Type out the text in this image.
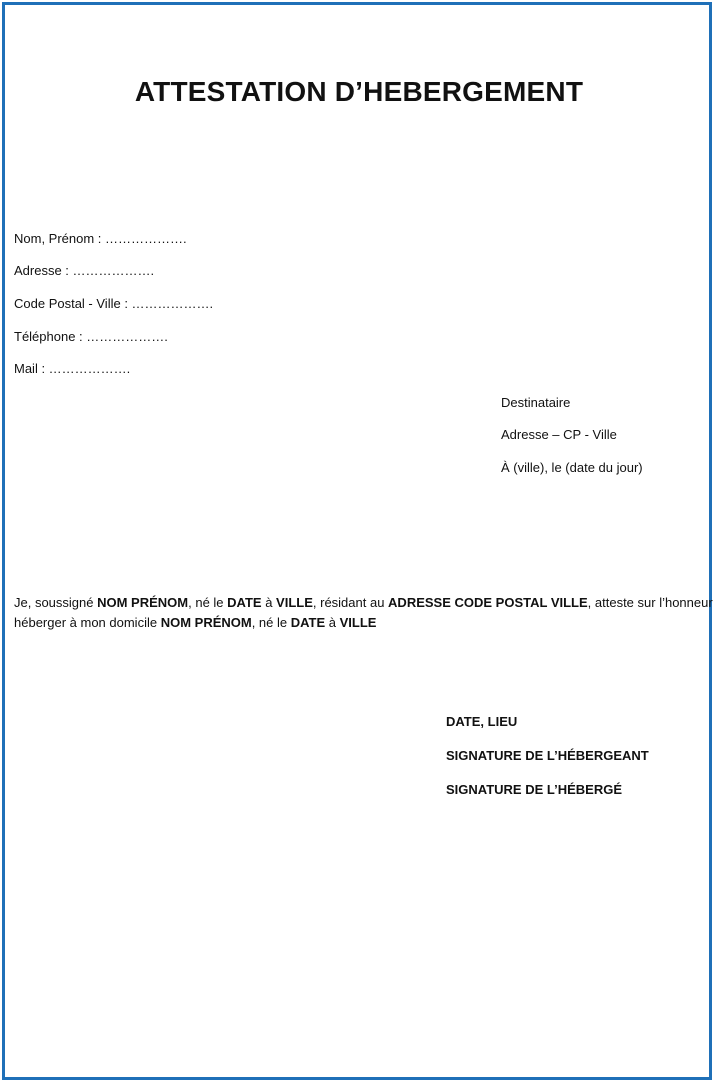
ATTESTATION D’HEBERGEMENT
Nom, Prénom : ……………….
Adresse : ……………….
Code Postal - Ville : ……………….
Téléphone : ……………….
Mail : ……………….
Destinataire
Adresse – CP - Ville
À (ville), le (date du jour)

Je, soussigné NOM PRÉNOM, né le DATE à VILLE, résidant au ADRESSE CODE POSTAL VILLE, atteste sur l’honneur héberger à mon domicile NOM PRÉNOM, né le DATE à VILLE

DATE, LIEU
SIGNATURE DE L’HÉBERGEANT
SIGNATURE DE L’HÉBERGÉ
